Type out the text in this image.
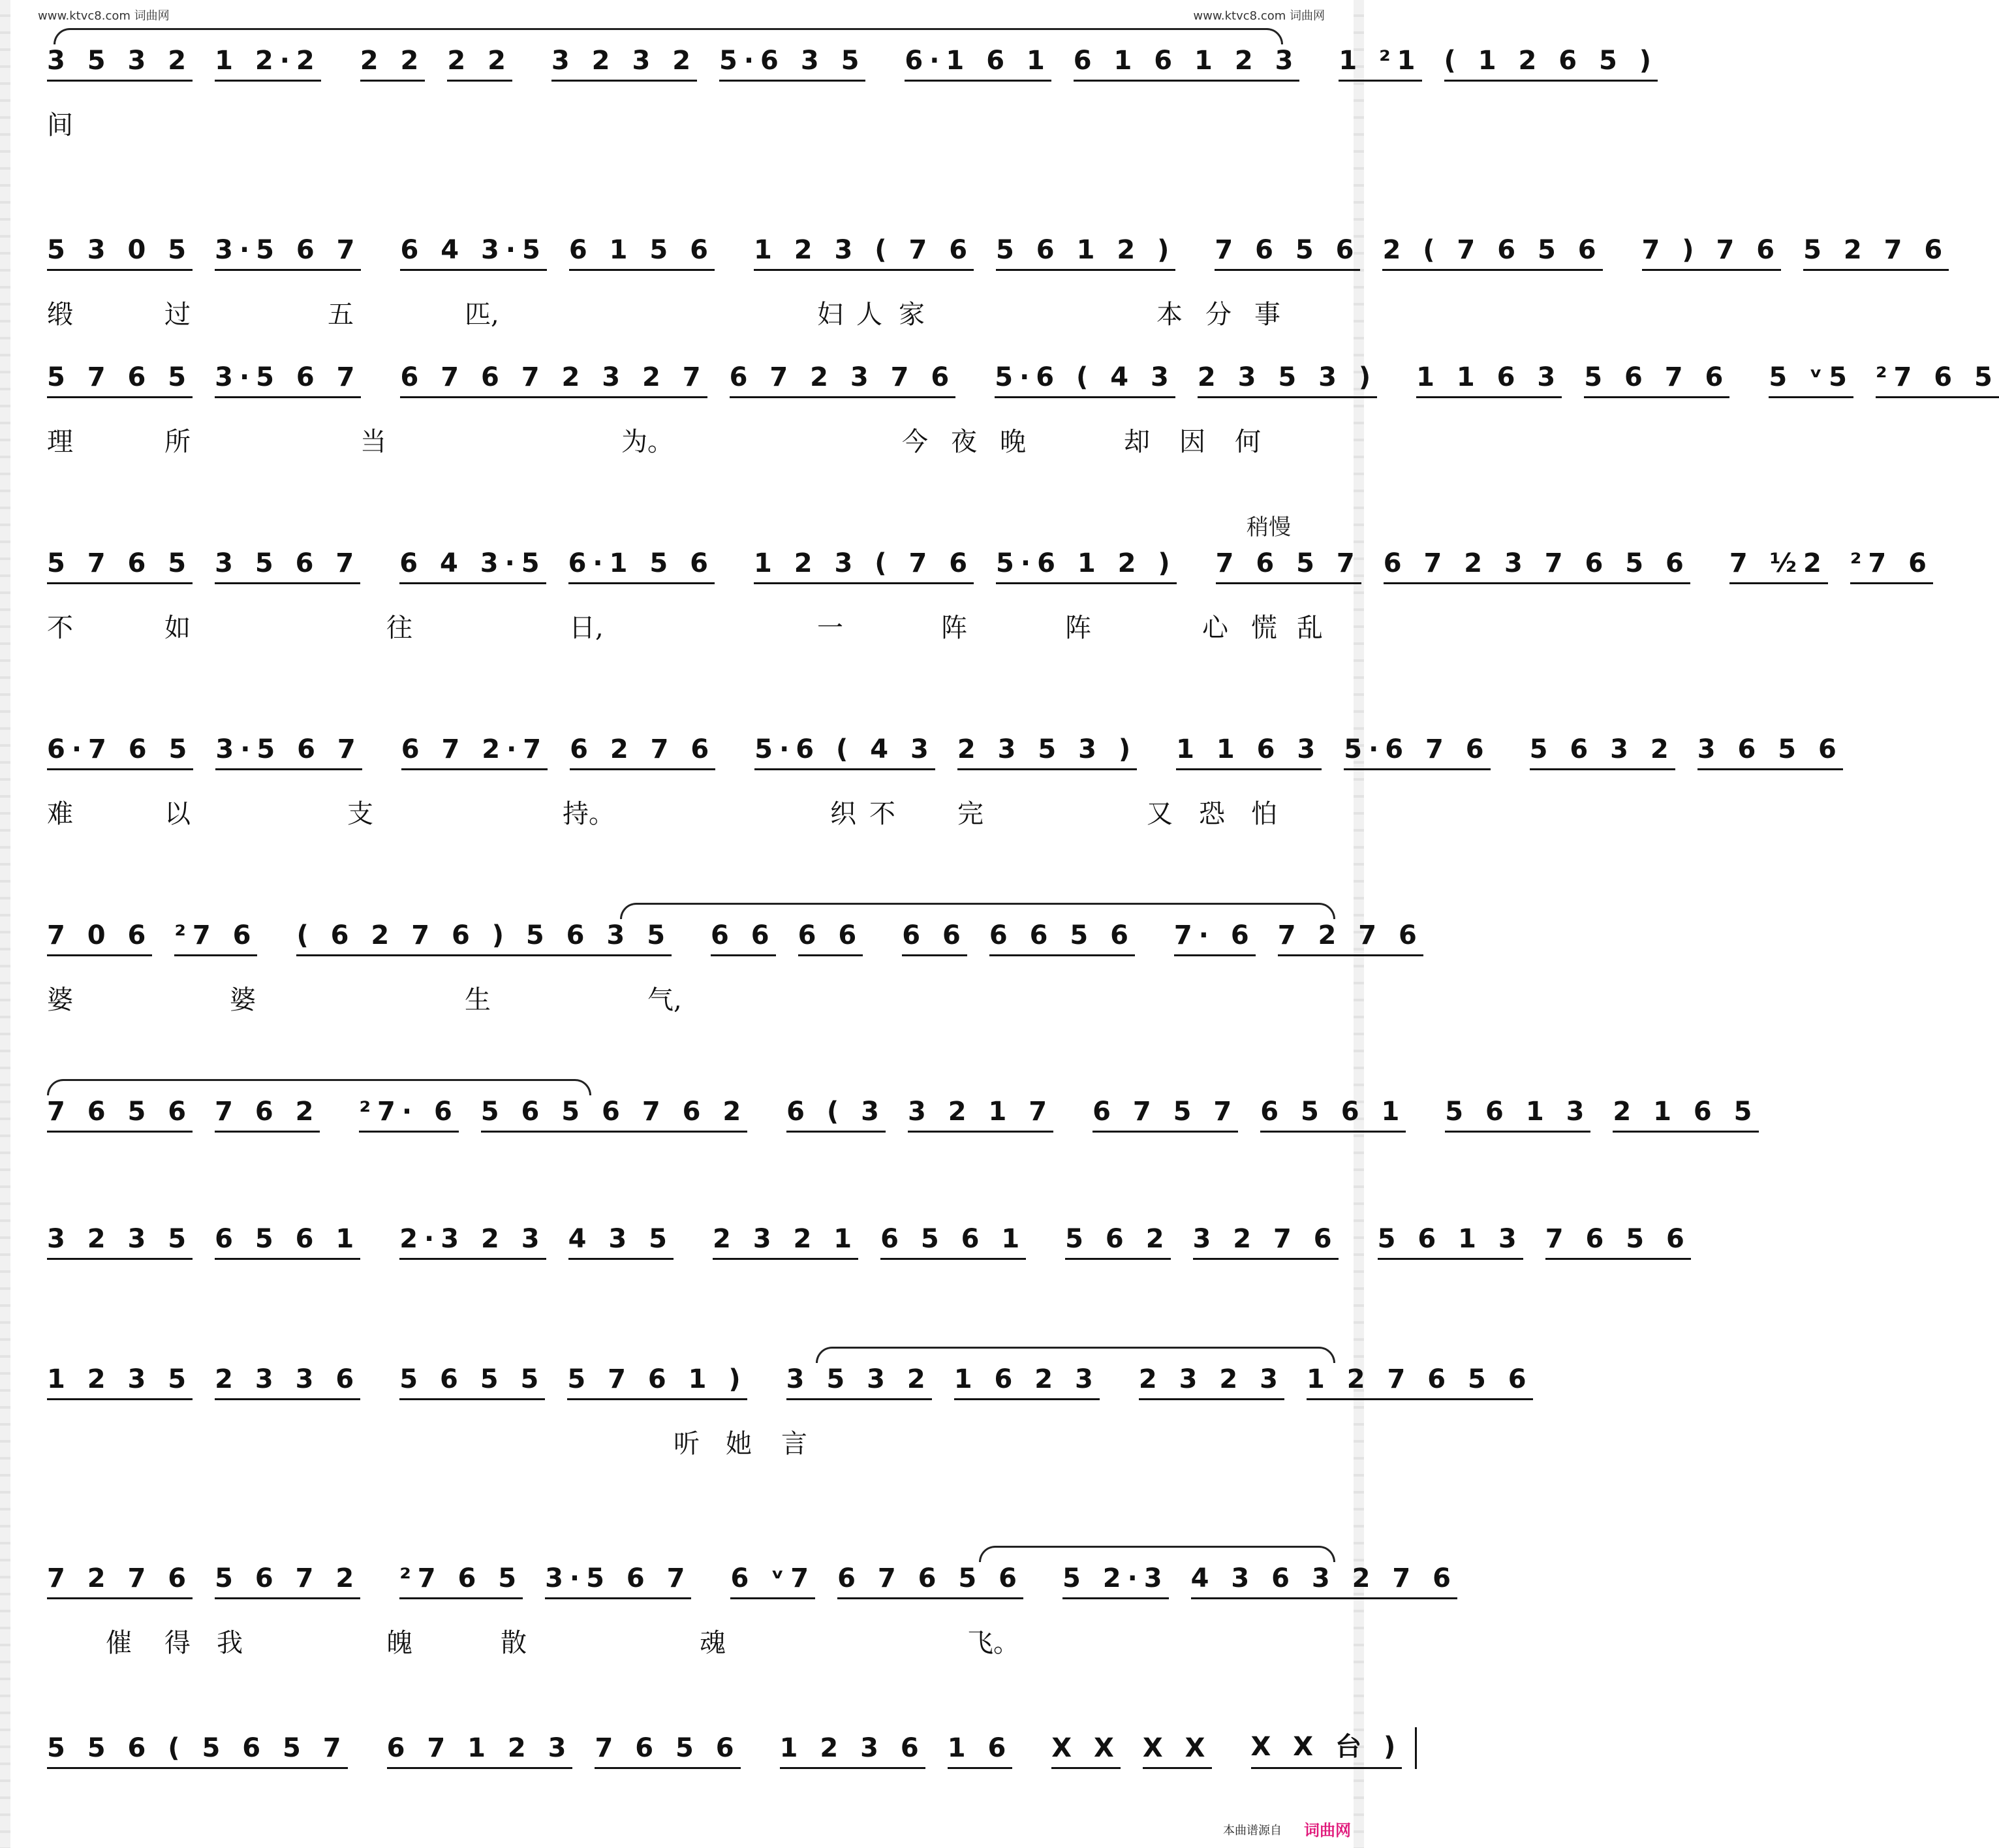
www.ktvc8.com 词曲网	www.ktvc8.com 词曲网
3 5 3 2 1 2·2 2 2 2 2 3 2 3 2 5·6 3 5 6·1 6 1 6 1 6 1 2 3 1 ²1 ( 1 2 6 5 )
间
5 3 0 5 3·5 6 7 6 4 3·5 6 1 5 6 1 2 3 ( 7 6 5 6 1 2 ) 7 6 5 6 2 ( 7 6 5 6 7 ) 7 6 5 2 7 6
缎	过	五	匹,	妇 人 家	本 分 事
5 7 6 5 3·5 6 7 6 7 6 7 2 3 2 7 6 7 2 3 7 6 5·6 ( 4 3 2 3 5 3 ) 1 1 6 3 5 6 7 6 5 ᵛ5 ²7 6 5
理	所	当	为。	今 夜 晚	却 因 何
5 7 6 5 3 5 6 7 6 4 3·5 6·1 5 6 1 2 3 ( 7 6 5·6 1 2 ) 7 6 5 7 6 7 2 3 7 6 5 6 7 ½2 ²7 6
稍慢
不	如	往	日,	一	阵	阵	心 慌 乱
6·7 6 5 3·5 6 7 6 7 2·7 6 2 7 6 5·6 ( 4 3 2 3 5 3 ) 1 1 6 3 5·6 7 6 5 6 3 2 3 6 5 6
难	以	支	持。	织 不 完	又 恐 怕
7 0 6 ²7 6 ( 6 2 7 6 ) 5 6 3 5 6 6 6 6 6 6 6 6 5 6 7· 6 7 2 7 6
婆	婆	生	气,
7 6 5 6 7 6 2 ²7· 6 5 6 5 6 7 6 2 6 ( 3 3 2 1 7 6 7 5 7 6 5 6 1 5 6 1 3 2 1 6 5
3 2 3 5 6 5 6 1 2·3 2 3 4 3 5 2 3 2 1 6 5 6 1 5 6 2 3 2 7 6 5 6 1 3 7 6 5 6
1 2 3 5 2 3 3 6 5 6 5 5 5 7 6 1 ) 3 5 3 2 1 6 2 3 2 3 2 3 1 2 7 6 5 6
听 她 言
7 2 7 6 5 6 7 2 ²7 6 5 3·5 6 7 6 ᵛ7 6 7 6 5 6 5 2·3 4 3 6 3 2 7 6
催 得 我	魄	散	魂	飞。
5 5 6 ( 5 6 5 7 6 7 1 2 3 7 6 5 6 1 2 3 6 1 6 X X X X X X 台 )
本曲谱源自 词曲网
